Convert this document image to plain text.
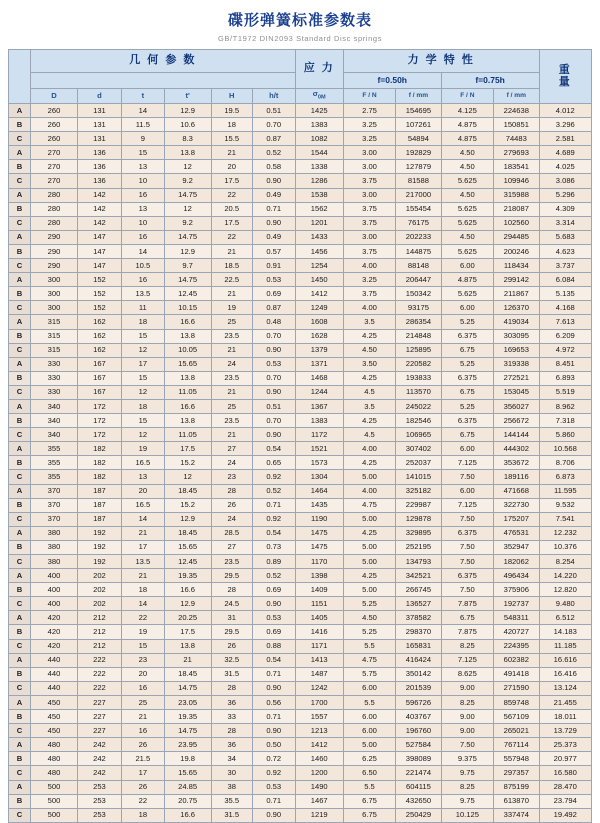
碟形弹簧标准参数表
GB/T1972 DIN2093 Standard Disc springs
	几 何 参 数						应 力	力 学 特 性				重
量
								f=0.50h		f=0.75h		
	D	d	t	t'	H	h/t	$\sigma_{0M}$	F / N	f / mm	F / N	f / mm	
A	260	131	14	12.9	19.5	0.51	1425	2.75	154695	4.125	224638	4.012
B	260	131	11.5	10.6	18	0.70	1383	3.25	107261	4.875	150851	3.296
C	260	131	9	8.3	15.5	0.87	1082	3.25	54894	4.875	74483	2.581
A	270	136	15	13.8	21	0.52	1544	3.00	192829	4.50	279693	4.689
B	270	136	13	12	20	0.58	1338	3.00	127879	4.50	183541	4.025
C	270	136	10	9.2	17.5	0.90	1286	3.75	81588	5.625	109946	3.086
A	280	142	16	14.75	22	0.49	1538	3.00	217000	4.50	315988	5.296
B	280	142	13	12	20.5	0.71	1562	3.75	155454	5.625	218087	4.309
C	280	142	10	9.2	17.5	0.90	1201	3.75	76175	5.625	102560	3.314
A	290	147	16	14.75	22	0.49	1433	3.00	202233	4.50	294485	5.683
B	290	147	14	12.9	21	0.57	1456	3.75	144875	5.625	200246	4.623
C	290	147	10.5	9.7	18.5	0.91	1254	4.00	88148	6.00	118434	3.737
A	300	152	16	14.75	22.5	0.53	1450	3.25	206447	4.875	299142	6.084
B	300	152	13.5	12.45	21	0.69	1412	3.75	150342	5.625	211867	5.135
C	300	152	11	10.15	19	0.87	1249	4.00	93175	6.00	126370	4.168
A	315	162	18	16.6	25	0.48	1608	3.5	286354	5.25	419034	7.613
B	315	162	15	13.8	23.5	0.70	1628	4.25	214848	6.375	303095	6.209
C	315	162	12	10.05	21	0.90	1379	4.50	125895	6.75	169653	4.972
A	330	167	17	15.65	24	0.53	1371	3.50	220582	5.25	319338	8.451
B	330	167	15	13.8	23.5	0.70	1468	4.25	193833	6.375	272521	6.893
C	330	167	12	11.05	21	0.90	1244	4.5	113570	6.75	153045	5.519
A	340	172	18	16.6	25	0.51	1367	3.5	245022	5.25	356027	8.962
B	340	172	15	13.8	23.5	0.70	1383	4.25	182546	6.375	256672	7.318
C	340	172	12	11.05	21	0.90	1172	4.5	106965	6.75	144144	5.860
A	355	182	19	17.5	27	0.54	1521	4.00	307402	6.00	444302	10.568
B	355	182	16.5	15.2	24	0.65	1573	4.25	252037	7.125	353672	8.706
C	355	182	13	12	23	0.92	1304	5.00	141015	7.50	189116	6.873
A	370	187	20	18.45	28	0.52	1464	4.00	325182	6.00	471668	11.595
B	370	187	16.5	15.2	26	0.71	1435	4.75	229987	7.125	322730	9.532
C	370	187	14	12.9	24	0.92	1190	5.00	129878	7.50	175207	7.541
A	380	192	21	18.45	28.5	0.54	1475	4.25	329895	6.375	476531	12.232
B	380	192	17	15.65	27	0.73	1475	5.00	252195	7.50	352947	10.376
C	380	192	13.5	12.45	23.5	0.89	1170	5.00	134793	7.50	182062	8.254
A	400	202	21	19.35	29.5	0.52	1398	4.25	342521	6.375	496434	14.220
B	400	202	18	16.6	28	0.69	1409	5.00	266745	7.50	375906	12.820
C	400	202	14	12.9	24.5	0.90	1151	5.25	136527	7.875	192737	9.480
A	420	212	22	20.25	31	0.53	1405	4.50	378582	6.75	548311	6.512
B	420	212	19	17.5	29.5	0.69	1416	5.25	298370	7.875	420727	14.183
C	420	212	15	13.8	26	0.88	1171	5.5	165831	8.25	224395	11.185
A	440	222	23	21	32.5	0.54	1413	4.75	416424	7.125	602382	16.616
B	440	222	20	18.45	31.5	0.71	1487	5.75	350142	8.625	491418	16.416
C	440	222	16	14.75	28	0.90	1242	6.00	201539	9.00	271590	13.124
A	450	227	25	23.05	36	0.56	1700	5.5	596726	8.25	859748	21.455
B	450	227	21	19.35	33	0.71	1557	6.00	403767	9.00	567109	18.011
C	450	227	16	14.75	28	0.90	1213	6.00	196760	9.00	265021	13.729
A	480	242	26	23.95	36	0.50	1412	5.00	527584	7.50	767114	25.373
B	480	242	21.5	19.8	34	0.72	1460	6.25	398089	9.375	557948	20.977
C	480	242	17	15.65	30	0.92	1200	6.50	221474	9.75	297357	16.580
A	500	253	26	24.85	38	0.53	1490	5.5	604115	8.25	875199	28.470
B	500	253	22	20.75	35.5	0.71	1467	6.75	432650	9.75	613870	23.794
C	500	253	18	16.6	31.5	0.90	1219	6.75	250429	10.125	337474	19.492
